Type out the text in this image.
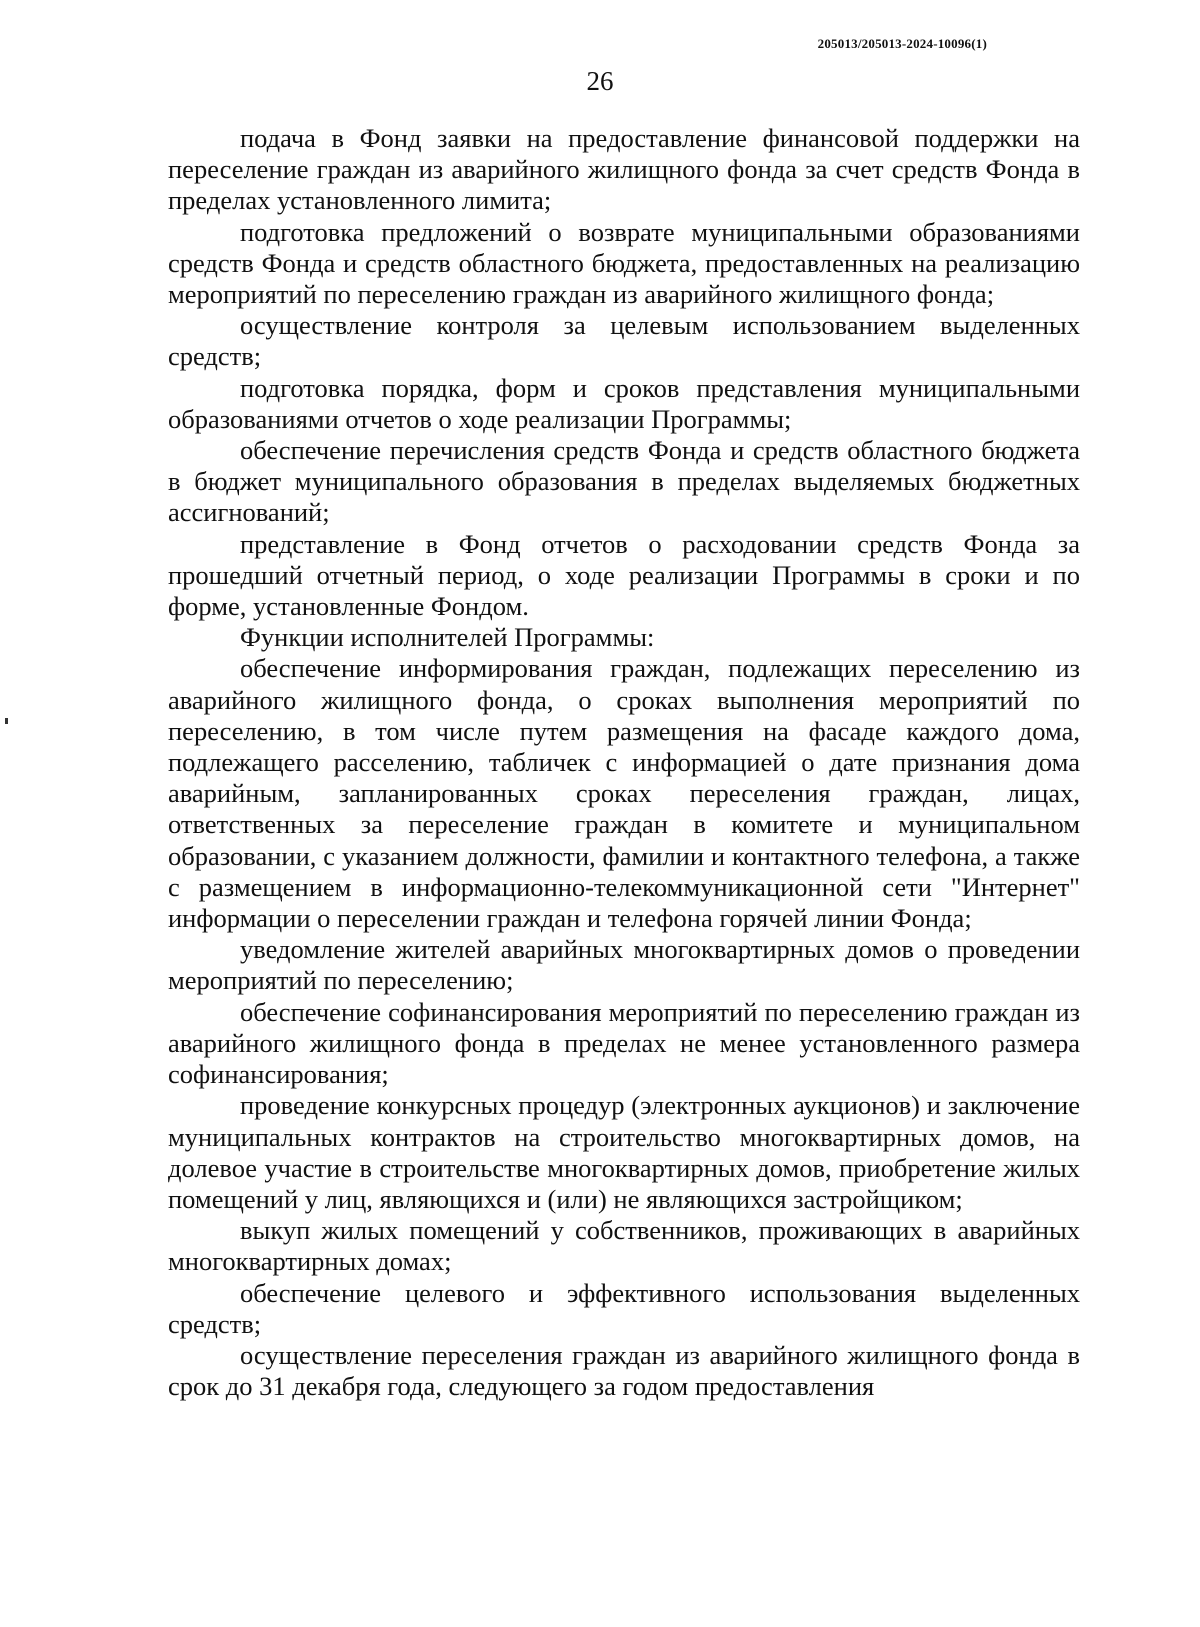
205013/205013-2024-10096(1)
26

подача в Фонд заявки на предоставление финансовой поддержки на переселение граждан из аварийного жилищного фонда за счет средств Фонда в пределах установленного лимита;

подготовка предложений о возврате муниципальными образованиями средств Фонда и средств областного бюджета, предоставленных на реализацию мероприятий по переселению граждан из аварийного жилищного фонда;

осуществление контроля за целевым использованием выделенных средств;

подготовка порядка, форм и сроков представления муниципальными образованиями отчетов о ходе реализации Программы;

обеспечение перечисления средств Фонда и средств областного бюджета в бюджет муниципального образования в пределах выделяемых бюджетных ассигнований;

представление в Фонд отчетов о расходовании средств Фонда за прошедший отчетный период, о ходе реализации Программы в сроки и по форме, установленные Фондом.

Функции исполнителей Программы:

обеспечение информирования граждан, подлежащих переселению из аварийного жилищного фонда, о сроках выполнения мероприятий по переселению, в том числе путем размещения на фасаде каждого дома, подлежащего расселению, табличек с информацией о дате признания дома аварийным, запланированных сроках переселения граждан, лицах, ответственных за переселение граждан в комитете и муниципальном образовании, с указанием должности, фамилии и контактного телефона, а также с размещением в информационно-телекоммуникационной сети "Интернет" информации о переселении граждан и телефона горячей линии Фонда;

уведомление жителей аварийных многоквартирных домов о проведении мероприятий по переселению;

обеспечение софинансирования мероприятий по переселению граждан из аварийного жилищного фонда в пределах не менее установленного размера софинансирования;

проведение конкурсных процедур (электронных аукционов) и заключение муниципальных контрактов на строительство многоквартирных домов, на долевое участие в строительстве многоквартирных домов, приобретение жилых помещений у лиц, являющихся и (или) не являющихся застройщиком;

выкуп жилых помещений у собственников, проживающих в аварийных многоквартирных домах;

обеспечение целевого и эффективного использования выделенных средств;

осуществление переселения граждан из аварийного жилищного фонда в срок до 31 декабря года, следующего за годом предоставления
